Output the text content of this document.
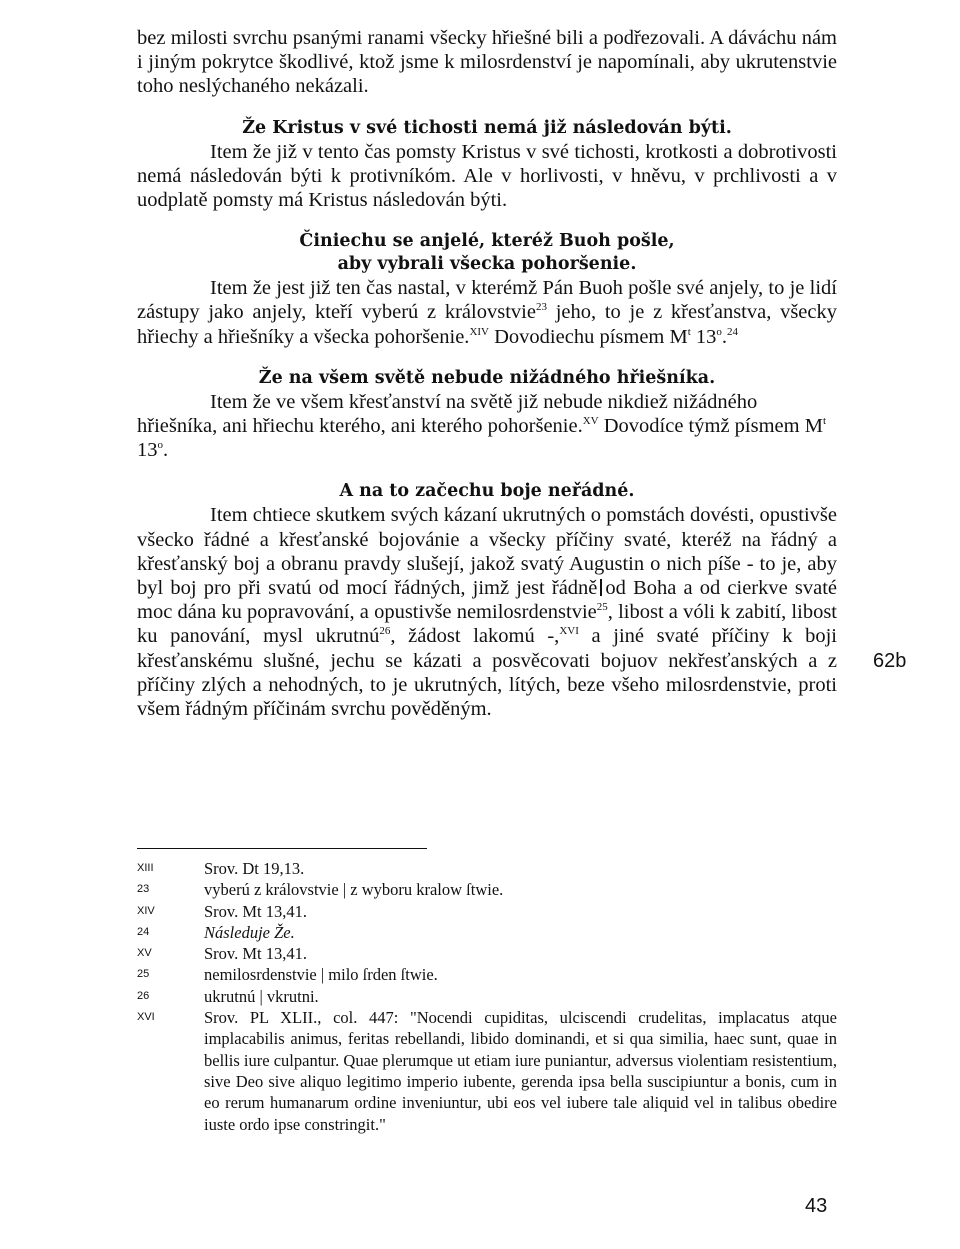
bez milosti svrchu psanými ranami všecky hřiešné bili a podřezovali. A dáváchu nám i jiným pokrytce škodlivé, ktož jsme k milosrdenství je napomínali, aby ukrutenstvie toho neslýchaného nekázali.

Že Kristus v své tichosti nemá již následován býti.

Item že již v tento čas pomsty Kristus v své tichosti, krotkosti a dobrotivosti nemá následován býti k protivníkóm. Ale v horlivosti, v hněvu, v prchlivosti a v uodplatě pomsty má Kristus následován býti.

Činiechu se anjelé, kteréž Buoh pošle,
aby vybrali všecka pohoršenie.

Item že jest již ten čas nastal, v kterémž Pán Buoh pošle své anjely, to je lidí zástupy jako anjely, kteří vyberú z královstvie$^{23}$ jeho, to je z křesťanstva, všecky hřiechy a hřiešníky a všecka pohoršenie.$^{XIV}$ Dovodiechu písmem $M^t$ 13$^o$.$^{24}$

Že na všem světě nebude nižádného hřiešníka.

Item že ve všem křesťanství na světě již nebude nikdiež nižádného hřiešníka, ani hřiechu kterého, ani kterého pohoršenie.$^{XV}$ Dovodíce týmž písmem $M^t$ 13$^o$.

A na to začechu boje neřádné.

Item chtiece skutkem svých kázaní ukrutných o pomstách dovésti, opustivše všecko řádné a křesťanské bojovánie a všecky příčiny svaté, kteréž na řádný a křesťanský boj a obranu pravdy slušejí, jakož svatý Augustin o nich píše - to je, aby byl boj pro při svatú od mocí řádných, jimž jest řádně od Boha a od cierkve svaté moc dána ku popravování, a opustivše nemilosrdenstvie$^{25}$, libost a vóli k zabití, libost ku panování, mysl ukrutnú$^{26}$, žádost lakomú -,$^{XVI}$ a jiné svaté příčiny k boji křesťanskému slušné, jechu se kázati a posvěcovati bojuov nekřesťanských a z příčiny zlých a nehodných, to je ukrutných, lítých, beze všeho milosrdenstvie, proti všem řádným příčinám svrchu pověděným.

62b
XIII	Srov. Dt 19,13.
23	vyberú z královstvie | z wyboru kralow ſtwie.
XIV	Srov. Mt 13,41.
24	Následuje Že.
XV	Srov. Mt 13,41.
25	nemilosrdenstvie | milo ſrden ſtwie.
26	ukrutnú | vkrutni.
XVI	Srov. PL XLII., col. 447: "Nocendi cupiditas, ulciscendi crudelitas, implacatus atque implacabilis animus, feritas rebellandi, libido dominandi, et si qua similia, haec sunt, quae in bellis iure culpantur. Quae plerumque ut etiam iure puniantur, adversus violentiam resistentium, sive Deo sive aliquo legitimo imperio iubente, gerenda ipsa bella suscipiuntur a bonis, cum in eo rerum humanarum ordine inveniuntur, ubi eos vel iubere tale aliquid vel in talibus obedire iuste ordo ipse constringit."
43
